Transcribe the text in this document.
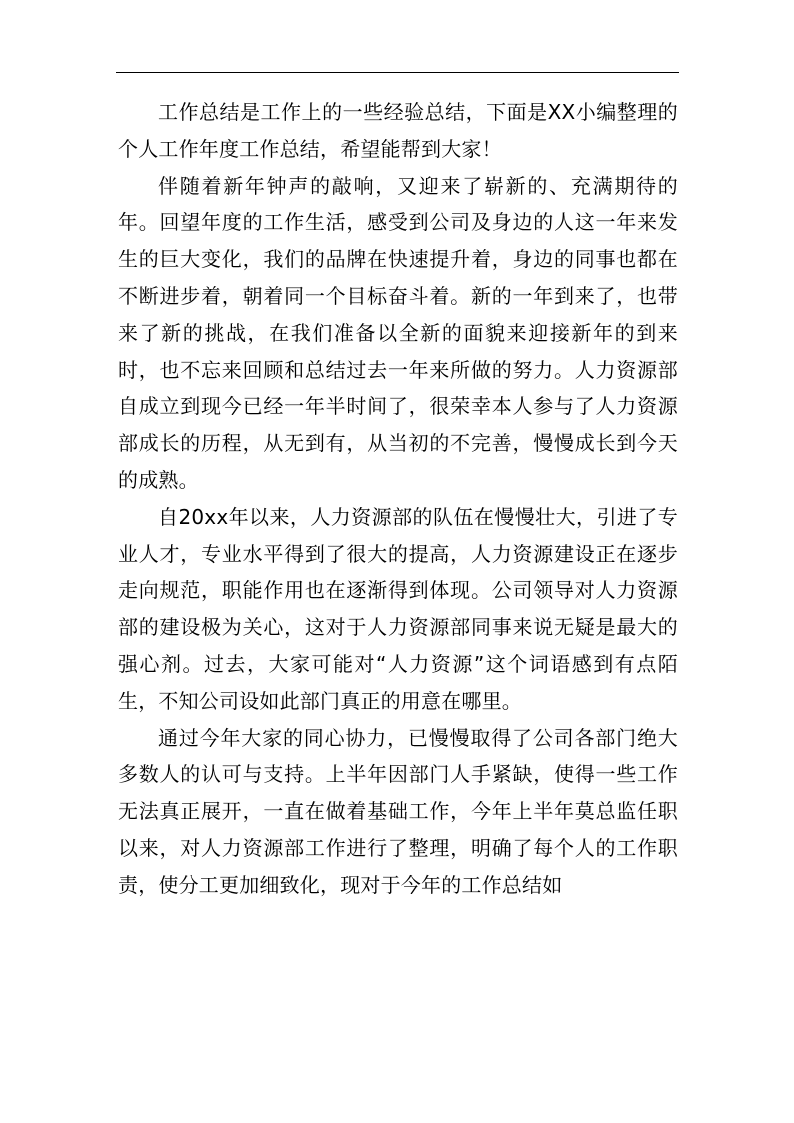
工作总结是工作上的一些经验总结，下面是XX小编整理的个人工作年度工作总结，希望能帮到大家！

伴随着新年钟声的敲响，又迎来了崭新的、充满期待的年。回望年度的工作生活，感受到公司及身边的人这一年来发生的巨大变化，我们的品牌在快速提升着，身边的同事也都在不断进步着，朝着同一个目标奋斗着。新的一年到来了，也带来了新的挑战，在我们准备以全新的面貌来迎接新年的到来时，也不忘来回顾和总结过去一年来所做的努力。人力资源部自成立到现今已经一年半时间了，很荣幸本人参与了人力资源部成长的历程，从无到有，从当初的不完善，慢慢成长到今天的成熟。

自20xx年以来，人力资源部的队伍在慢慢壮大，引进了专业人才，专业水平得到了很大的提高，人力资源建设正在逐步走向规范，职能作用也在逐渐得到体现。公司领导对人力资源部的建设极为关心，这对于人力资源部同事来说无疑是最大的强心剂。过去，大家可能对“人力资源”这个词语感到有点陌生，不知公司设如此部门真正的用意在哪里。

通过今年大家的同心协力，已慢慢取得了公司各部门绝大多数人的认可与支持。上半年因部门人手紧缺，使得一些工作无法真正展开，一直在做着基础工作，今年上半年莫总监任职以来，对人力资源部工作进行了整理，明确了每个人的工作职责，使分工更加细致化，现对于今年的工作总结如
